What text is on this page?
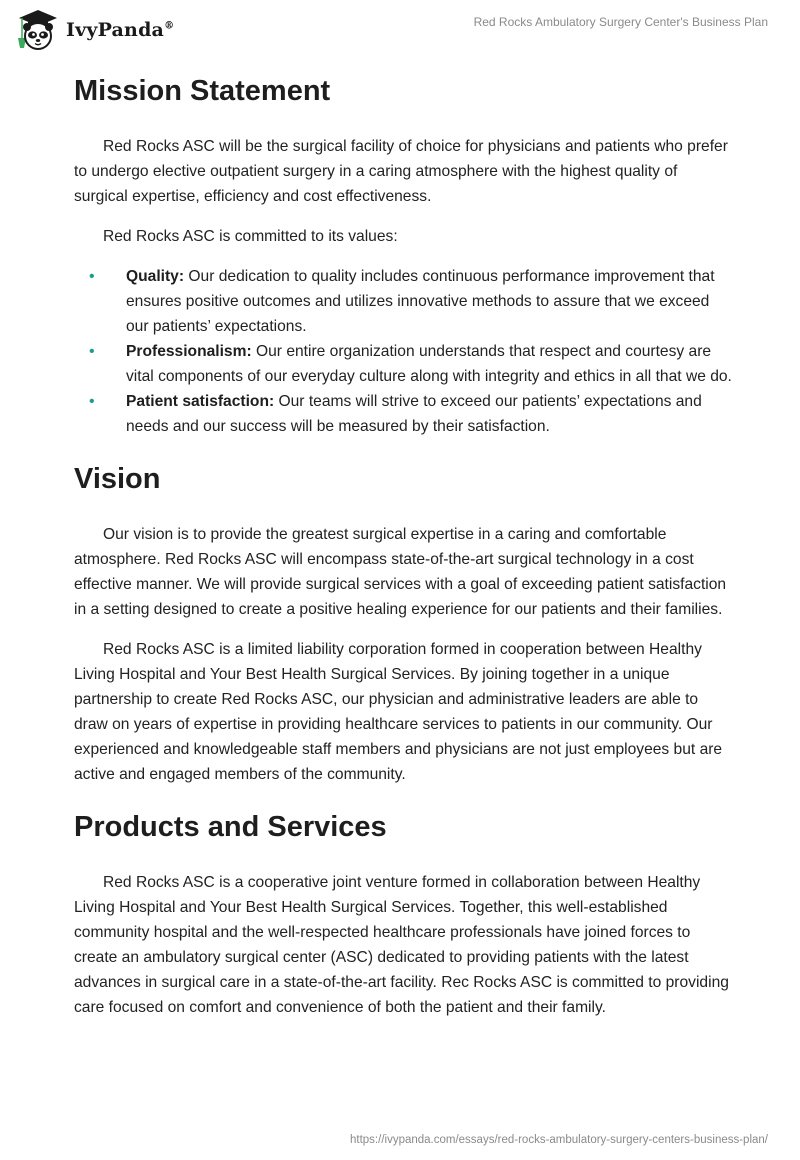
IvyPanda®	Red Rocks Ambulatory Surgery Center's Business Plan
Mission Statement

Red Rocks ASC will be the surgical facility of choice for physicians and patients who prefer to undergo elective outpatient surgery in a caring atmosphere with the highest quality of surgical expertise, efficiency and cost effectiveness.

Red Rocks ASC is committed to its values:

• Quality: Our dedication to quality includes continuous performance improvement that ensures positive outcomes and utilizes innovative methods to assure that we exceed our patients’ expectations.
• Professionalism: Our entire organization understands that respect and courtesy are vital components of our everyday culture along with integrity and ethics in all that we do.
• Patient satisfaction: Our teams will strive to exceed our patients’ expectations and needs and our success will be measured by their satisfaction.
Vision

Our vision is to provide the greatest surgical expertise in a caring and comfortable atmosphere. Red Rocks ASC will encompass state-of-the-art surgical technology in a cost effective manner. We will provide surgical services with a goal of exceeding patient satisfaction in a setting designed to create a positive healing experience for our patients and their families.

Red Rocks ASC is a limited liability corporation formed in cooperation between Healthy Living Hospital and Your Best Health Surgical Services. By joining together in a unique partnership to create Red Rocks ASC, our physician and administrative leaders are able to draw on years of expertise in providing healthcare services to patients in our community. Our experienced and knowledgeable staff members and physicians are not just employees but are active and engaged members of the community.

Products and Services

Red Rocks ASC is a cooperative joint venture formed in collaboration between Healthy Living Hospital and Your Best Health Surgical Services. Together, this well-established community hospital and the well-respected healthcare professionals have joined forces to create an ambulatory surgical center (ASC) dedicated to providing patients with the latest advances in surgical care in a state-of-the-art facility. Rec Rocks ASC is committed to providing care focused on comfort and convenience of both the patient and their family.

https://ivypanda.com/essays/red-rocks-ambulatory-surgery-centers-business-plan/
